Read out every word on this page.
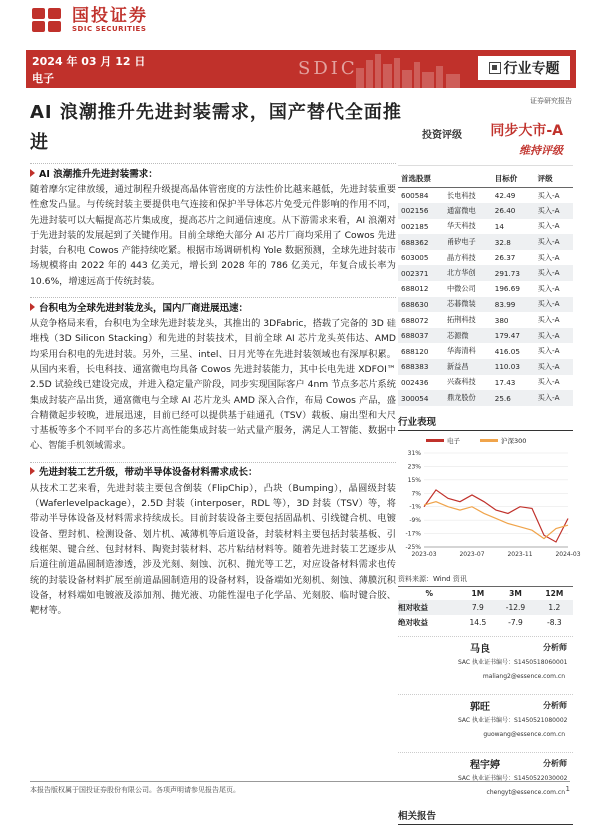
国投证券
SDIC SECURITIES
2024 年 03 月 12 日
电子	SDIC	行业专题
证券研究报告
AI 浪潮推升先进封装需求，国产替代全面推进
AI 浪潮推升先进封装需求：

随着摩尔定律放缓，通过制程升级提高晶体管密度的方法性价比越来越低，先进封装重要性愈发凸显。与传统封装主要提供电气连接和保护半导体芯片免受元件影响的作用不同，先进封装可以大幅提高芯片集成度，提高芯片之间通信速度。从下游需求来看，AI 浪潮对于先进封装的发展起到了关键作用。目前全球绝大部分 AI 芯片厂商均采用了 Cowos 先进封装，台积电 Cowos 产能持续吃紧。根据市场调研机构 Yole 数据预测，全球先进封装市场规模将由 2022 年的 443 亿美元，增长到 2028 年的 786 亿美元，年复合成长率为 10.6%，增速远高于传统封装。

台积电为全球先进封装龙头，国内厂商进展迅速：

从竞争格局来看，台积电为全球先进封装龙头，其推出的 3DFabric，搭载了完备的 3D 硅堆栈（3D Silicon Stacking）和先进的封装技术，目前全球 AI 芯片龙头英伟达、AMD 均采用台积电的先进封装。另外，三星、intel、日月光等在先进封装领域也有深厚积累。从国内来看，长电科技、通富微电均具备 Cowos 先进封装能力，其中长电先进 XDFOI™ 2.5D 试验线已建设完成，并进入稳定量产阶段，同步实现国际客户 4nm 节点多芯片系统集成封装产品出货，通富微电与全球 AI 芯片龙头 AMD 深入合作，布局 Cowos 产品，盛合精微起步较晚，进展迅速，目前已经可以提供基于硅通孔（TSV）载板、扇出型和大尺寸基板等多个不同平台的多芯片高性能集成封装一站式量产服务，满足人工智能、数据中心、智能手机领域需求。

先进封装工艺升级，带动半导体设备材料需求成长：

从技术工艺来看，先进封装主要包含倒装（FlipChip），凸块（Bumping），晶圆级封装（Waferlevelpackage），2.5D 封装（interposer，RDL 等），3D 封装（TSV）等，将带动半导体设备及材料需求持续成长。目前封装设备主要包括固晶机、引线键合机、电镀设备、塑封机、检测设备、划片机、减薄机等后道设备，封装材料主要包括封装基板、引线框架、键合丝、包封材料、陶瓷封装材料、芯片粘结材料等。随着先进封装工艺逐步从后道往前道晶圆制造渗透，涉及光刻、刻蚀、沉积、抛光等工艺，对应设备材料需求也传统的封装设备材料扩展至前道晶圆制造用的设备材料，设备端如光刻机、刻蚀、薄膜沉积设备，材料端如电镀液及添加剂、抛光液、功能性湿电子化学品、光刻胶、临时键合胶、靶材等。

投资评级 同步大市-A
维持评级
首选股票		目标价	评级
600584	长电科技	42.49	买入-A
002156	通富微电	26.40	买入-A
002185	华天科技	14	买入-A
688362	甬矽电子	32.8	买入-A
603005	晶方科技	26.37	买入-A
002371	北方华创	291.73	买入-A
688012	中微公司	196.69	买入-A
688630	芯碁微装	83.99	买入-A
688072	拓荆科技	380	买入-A
688037	芯源微	179.47	买入-A
688120	华海清科	416.05	买入-A
688383	新益昌	110.03	买入-A
002436	兴森科技	17.43	买入-A
300054	鼎龙股份	25.6	买入-A
行业表现
电子	沪深300
31%
23%
15%
7%
-1%
-9%
-17%
-25%
2023-03	2023-07	2023-11	2024-03
资料来源：Wind 资讯
%	1M	3M	12M
相对收益	7.9	-12.9	1.2
绝对收益	14.5	-7.9	-8.3
马良	分析师
SAC 执业证书编号：S1450518060001
maliang2@essence.com.cn
郭旺	分析师
SAC 执业证书编号：S1450521080002
guowang@essence.com.cn
程宇婷	分析师
SAC 执业证书编号：S1450522030002
chengyt@essence.com.cn
相关报告
本报告版权属于国投证券股份有限公司。各项声明请参见报告尾页。	1
